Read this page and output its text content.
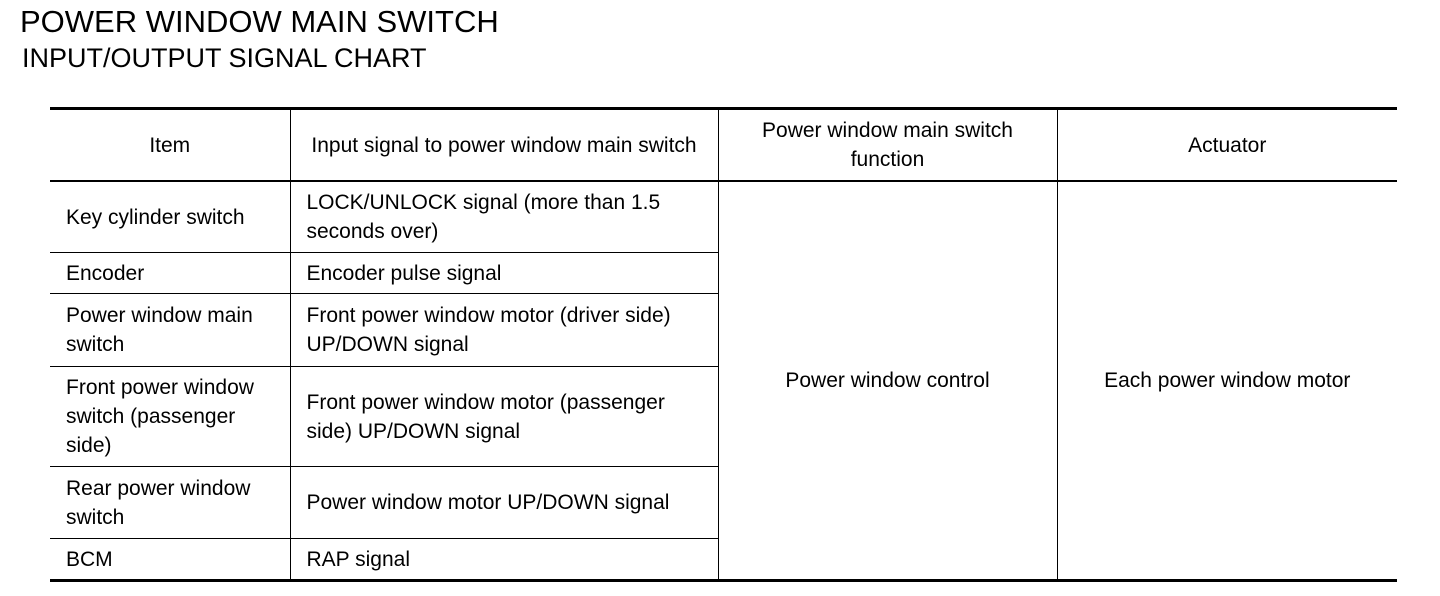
POWER WINDOW MAIN SWITCH
INPUT/OUTPUT SIGNAL CHART
Item	Input signal to power window main switch	Power window main switch function	Actuator
Key cylinder switch	LOCK/UNLOCK signal (more than 1.5 seconds over)	Power window control	Each power window motor
Encoder	Encoder pulse signal		
Power window main switch	Front power window motor (driver side) UP/DOWN signal		
Front power window switch (passenger side)	Front power window motor (passenger side) UP/DOWN signal		
Rear power window switch	Power window motor UP/DOWN signal		
BCM	RAP signal		
